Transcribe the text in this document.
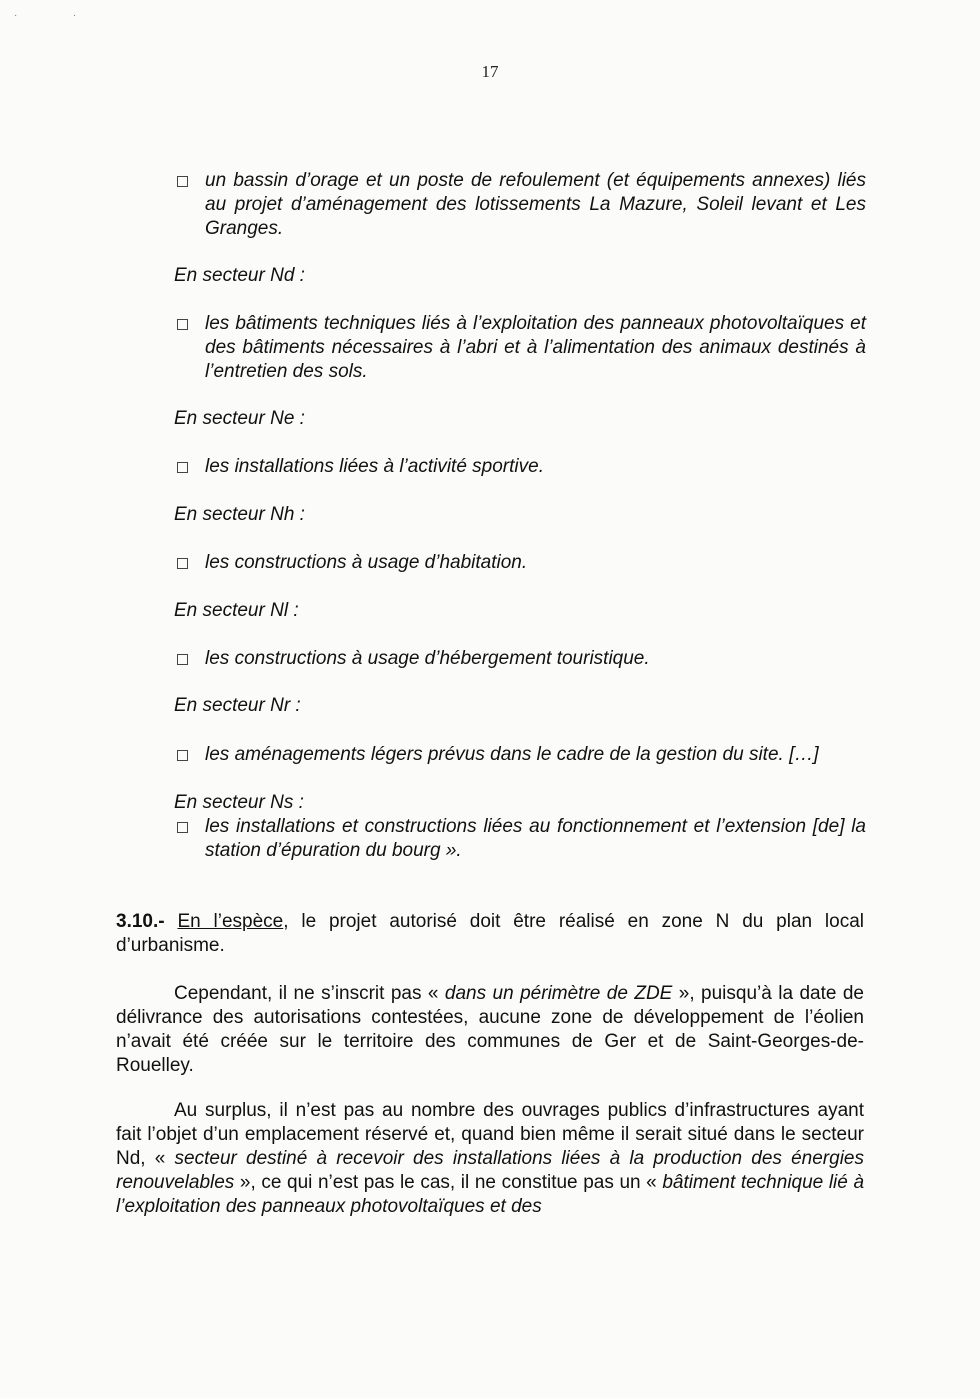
·                    ·
17
un bassin d’orage et un poste de refoulement (et équipements annexes) liés au projet d’aménagement des lotissements La Mazure, Soleil levant et Les Granges.
En secteur Nd :
les bâtiments techniques liés à l’exploitation des panneaux photovoltaïques et des bâtiments nécessaires à l’abri et à l’alimentation des animaux destinés à l’entretien des sols.
En secteur Ne :
les installations liées à l’activité sportive.
En secteur Nh :
les constructions à usage d’habitation.
En secteur Nl :
les constructions à usage d’hébergement touristique.
En secteur Nr :
les aménagements légers prévus dans le cadre de la gestion du site. […]
En secteur Ns :
les installations et constructions liées au fonctionnement et l’extension [de] la station d’épuration du bourg ».
3.10.- En l’espèce, le projet autorisé doit être réalisé en zone N du plan local d’urbanisme.
Cependant, il ne s’inscrit pas « dans un périmètre de ZDE », puisqu’à la date de délivrance des autorisations contestées, aucune zone de développement de l’éolien n’avait été créée sur le territoire des communes de Ger et de Saint-Georges-de-Rouelley.
Au surplus, il n’est pas au nombre des ouvrages publics d’infrastructures ayant fait l’objet d’un emplacement réservé et, quand bien même il serait situé dans le secteur Nd, « secteur destiné à recevoir des installations liées à la production des énergies renouvelables », ce qui n’est pas le cas, il ne constitue pas un « bâtiment technique lié à l’exploitation des panneaux photovoltaïques et des
